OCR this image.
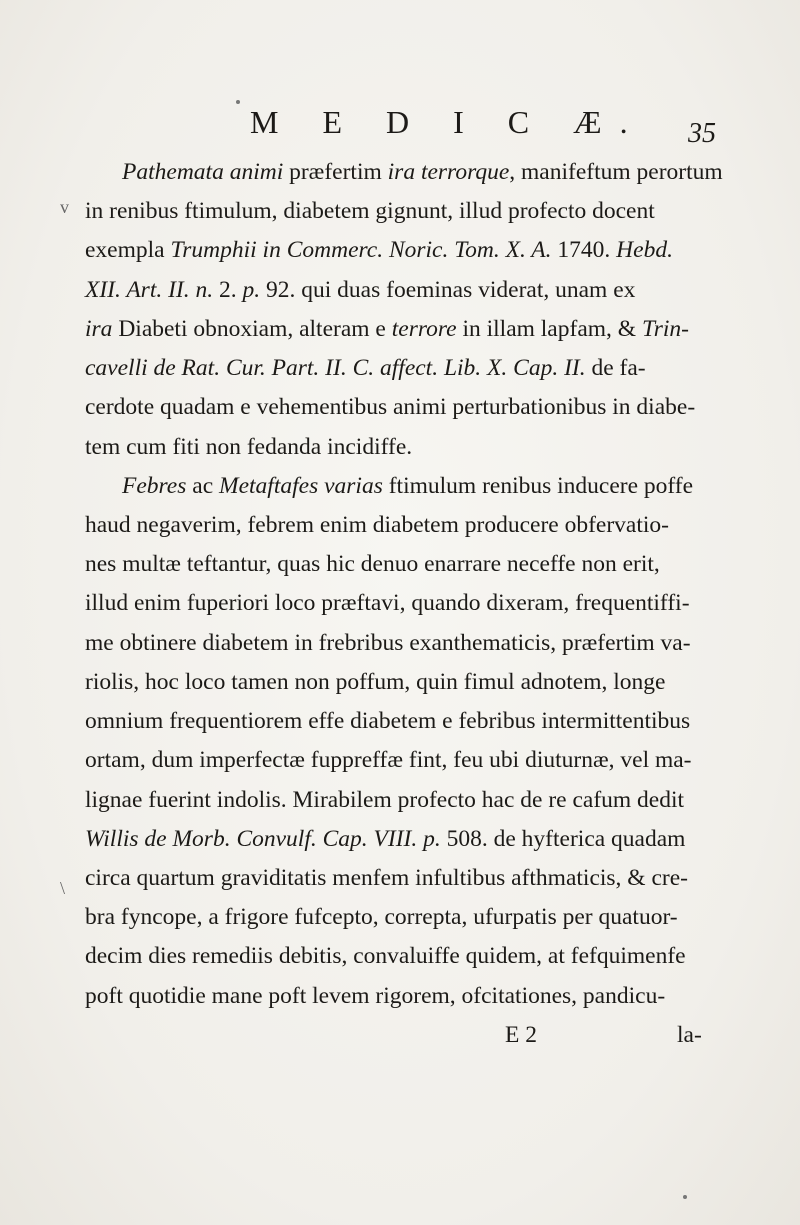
M E D I C Æ. 35
v
\
Pathemata animi præfertim ira terrorque, manifeftum perortum
in renibus ftimulum, diabetem gignunt, illud profecto docent
exempla Trumphii in Commerc. Noric. Tom. X. A. 1740. Hebd.
XII. Art. II. n. 2. p. 92. qui duas foeminas viderat, unam ex
ira Diabeti obnoxiam, alteram e terrore in illam lapfam, & Trin-
cavelli de Rat. Cur. Part. II. C. affect. Lib. X. Cap. II. de fa-
cerdote quadam e vehementibus animi perturbationibus in diabe-
tem cum fiti non fedanda incidiffe.
Febres ac Metaftafes varias ftimulum renibus inducere poffe
haud negaverim, febrem enim diabetem producere obfervatio-
nes multæ teftantur, quas hic denuo enarrare neceffe non erit,
illud enim fuperiori loco præftavi, quando dixeram, frequentiffi-
me obtinere diabetem in frebribus exanthematicis, præfertim va-
riolis, hoc loco tamen non poffum, quin fimul adnotem, longe
omnium frequentiorem effe diabetem e febribus intermittentibus
ortam, dum imperfectæ fuppreffæ fint, feu ubi diuturnæ, vel ma-
lignae fuerint indolis. Mirabilem profecto hac de re cafum dedit
Willis de Morb. Convulf. Cap. VIII. p. 508. de hyfterica quadam
circa quartum graviditatis menfem infultibus afthmaticis, & cre-
bra fyncope, a frigore fufcepto, correpta, ufurpatis per quatuor-
decim dies remediis debitis, convaluiffe quidem, at fefquimenfe
poft quotidie mane poft levem rigorem, ofcitationes, pandicu-
E 2	la-
